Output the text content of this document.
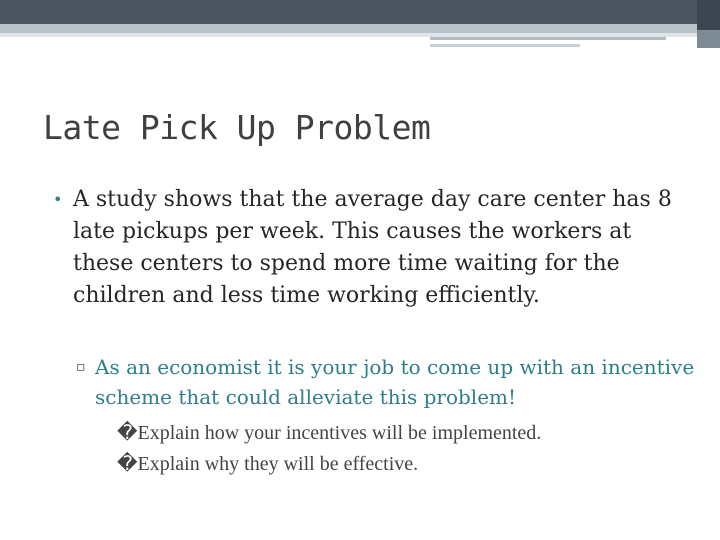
Late Pick Up Problem
• A study shows that the average day care center has 8 late pickups per week. This causes the workers at these centers to spend more time waiting for the children and less time working efficiently.
▫ As an economist it is your job to come up with an incentive scheme that could alleviate this problem!
�Explain how your incentives will be implemented.
�Explain why they will be effective.
